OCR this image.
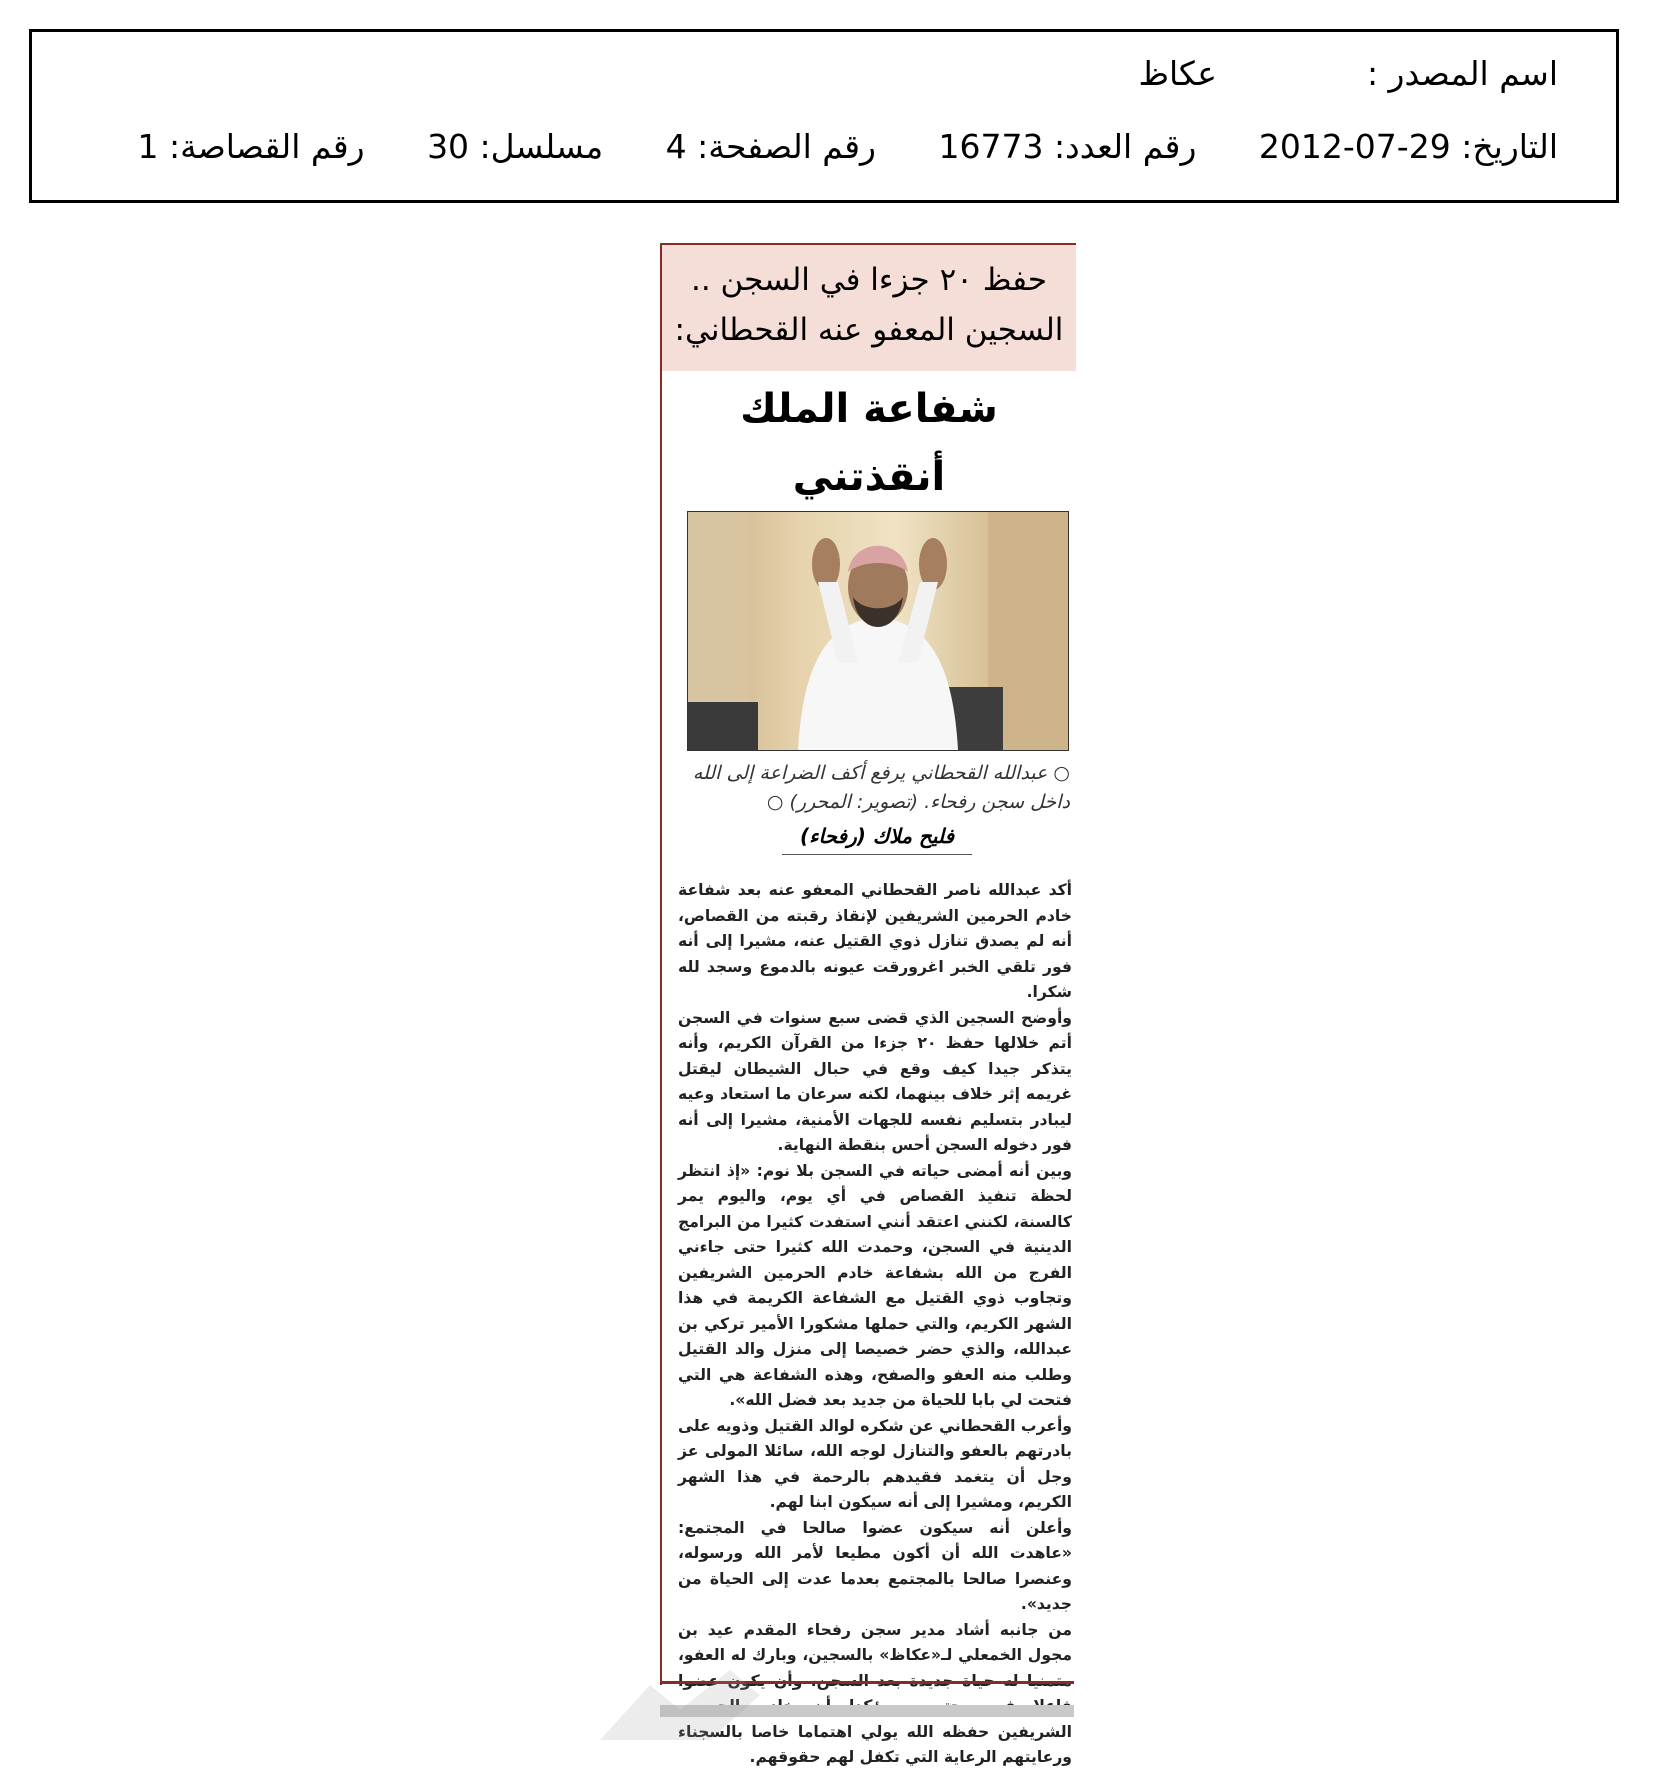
اسم المصدر :عكاظ
التاريخ: 29-07-2012 رقم العدد: 16773 رقم الصفحة: 4 مسلسل: 30 رقم القصاصة: 1
حفظ ٢٠ جزءا في السجن ..
السجين المعفو عنه القحطاني:
شفاعة الملك أنقذتني
○ عبدالله القحطاني يرفع أكف الضراعة إلى الله داخل سجن رفحاء. (تصوير: المحرر) ○
فليح ملاك (رفحاء)

أكد عبدالله ناصر القحطاني المعفو عنه بعد شفاعة خادم الحرمين الشريفين لإنقاذ رقبته من القصاص، أنه لم يصدق تنازل ذوي القتيل عنه، مشيرا إلى أنه فور تلقي الخبر اغرورقت عيونه بالدموع وسجد لله شكرا.

وأوضح السجين الذي قضى سبع سنوات في السجن أتم خلالها حفظ ٢٠ جزءا من القرآن الكريم، وأنه يتذكر جيدا كيف وقع في حبال الشيطان ليقتل غريمه إثر خلاف بينهما، لكنه سرعان ما استعاد وعيه ليبادر بتسليم نفسه للجهات الأمنية، مشيرا إلى أنه فور دخوله السجن أحس بنقطة النهاية.

وبين أنه أمضى حياته في السجن بلا نوم: «إذ انتظر لحظة تنفيذ القصاص في أي يوم، واليوم يمر كالسنة، لكنني اعتقد أنني استفدت كثيرا من البرامج الدينية في السجن، وحمدت الله كثيرا حتى جاءني الفرج من الله بشفاعة خادم الحرمين الشريفين وتجاوب ذوي القتيل مع الشفاعة الكريمة في هذا الشهر الكريم، والتي حملها مشكورا الأمير تركي بن عبدالله، والذي حضر خصيصا إلى منزل والد القتيل وطلب منه العفو والصفح، وهذه الشفاعة هي التي فتحت لي بابا للحياة من جديد بعد فضل الله».

وأعرب القحطاني عن شكره لوالد القتيل وذويه على بادرتهم بالعفو والتنازل لوجه الله، سائلا المولى عز وجل أن يتغمد فقيدهم بالرحمة في هذا الشهر الكريم، ومشيرا إلى أنه سيكون ابنا لهم.

وأعلن أنه سيكون عضوا صالحا في المجتمع: «عاهدت الله أن أكون مطيعا لأمر الله ورسوله، وعنصرا صالحا بالمجتمع بعدما عدت إلى الحياة من جديد».

من جانبه أشاد مدير سجن رفحاء المقدم عيد بن مجول الخمعلي لـ«عكاظ» بالسجين، وبارك له العفو، الشريفين حفظه الله يولي اهتماما خاصا ورعايتهم الرعاية التي تكفل لهم حقوقهم.
